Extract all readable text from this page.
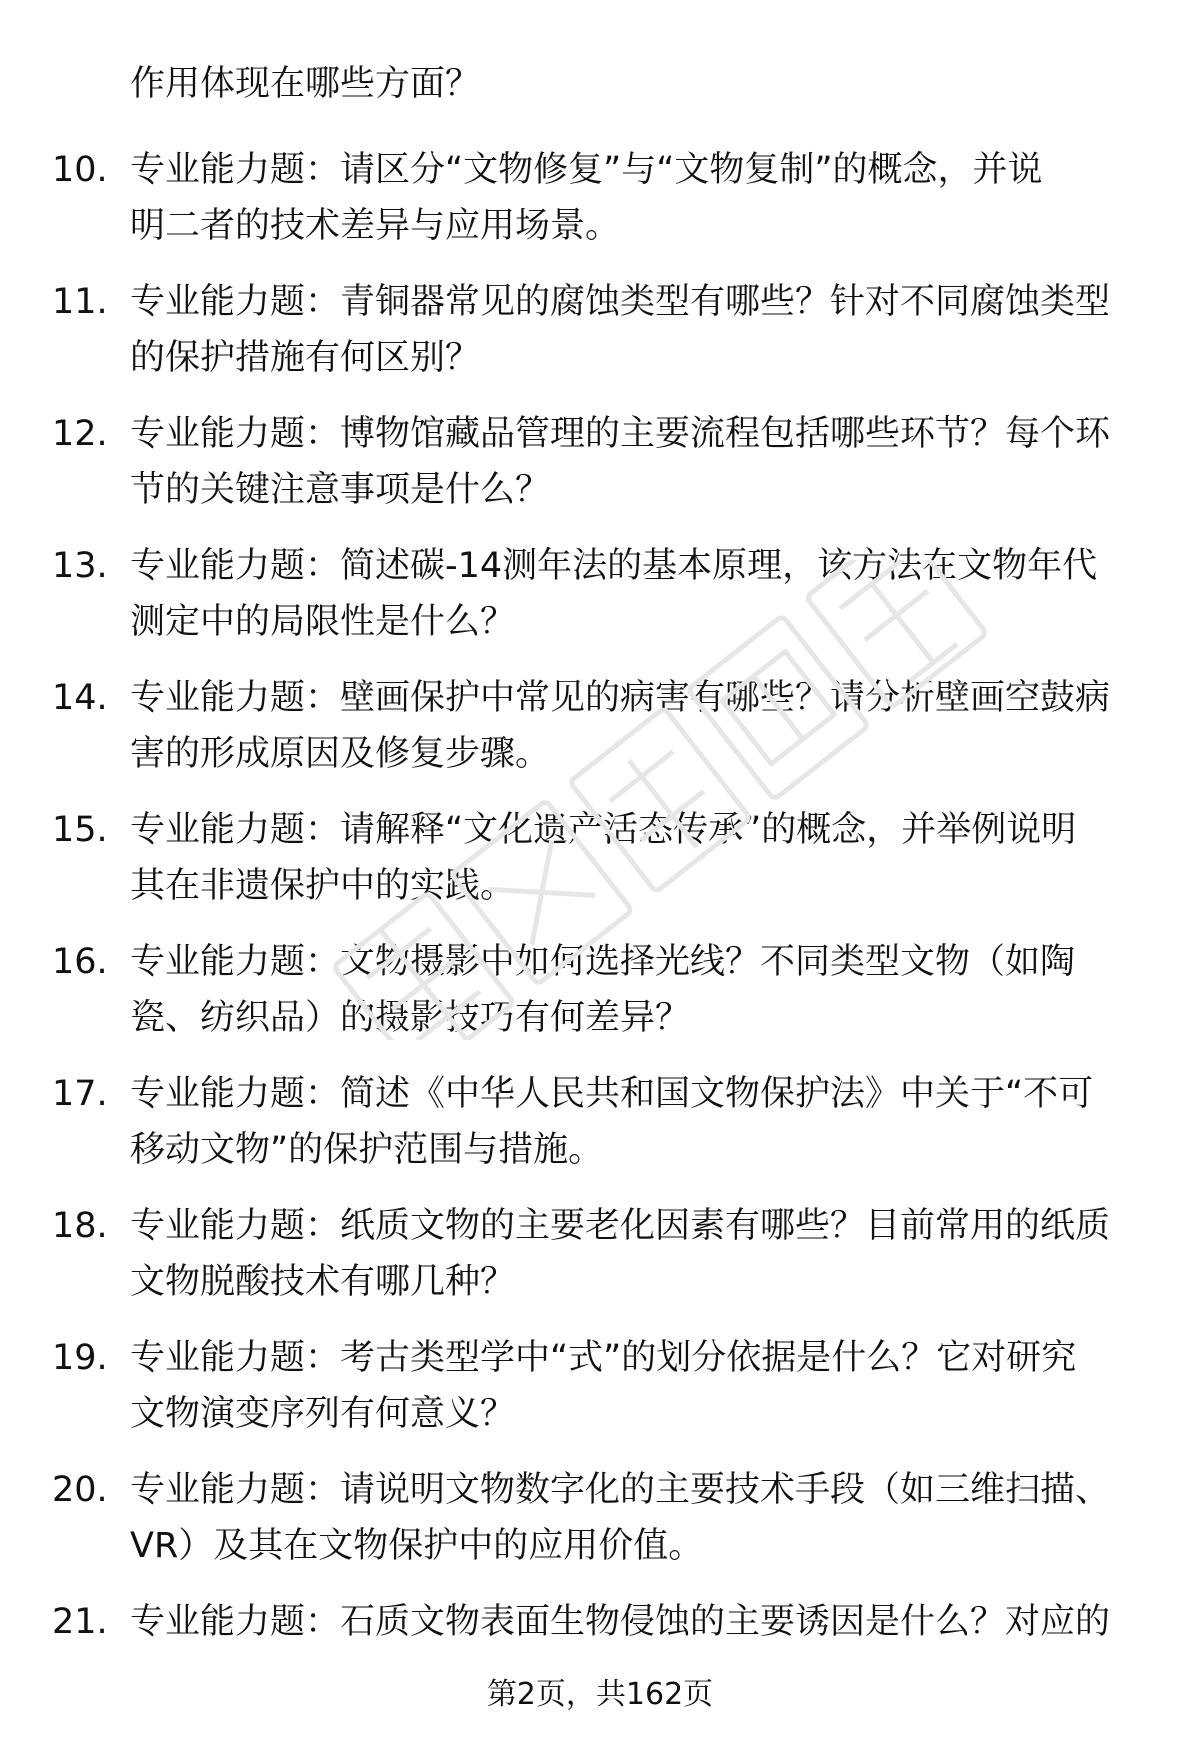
作用体现在哪些方面？

10. 专业能力题：请区分“文物修复”与“文物复制”的概念，并说
明二者的技术差异与应用场景。
11. 专业能力题：青铜器常见的腐蚀类型有哪些？针对不同腐蚀类型
的保护措施有何区别？
12. 专业能力题：博物馆藏品管理的主要流程包括哪些环节？每个环
节的关键注意事项是什么？
13. 专业能力题：简述碳-14测年法的基本原理，该方法在文物年代
测定中的局限性是什么？
14. 专业能力题：壁画保护中常见的病害有哪些？请分析壁画空鼓病
害的形成原因及修复步骤。
15. 专业能力题：请解释“文化遗产活态传承”的概念，并举例说明
其在非遗保护中的实践。
16. 专业能力题：文物摄影中如何选择光线？不同类型文物（如陶
瓷、纺织品）的摄影技巧有何差异？
17. 专业能力题：简述《中华人民共和国文物保护法》中关于“不可
移动文物”的保护范围与措施。
18. 专业能力题：纸质文物的主要老化因素有哪些？目前常用的纸质
文物脱酸技术有哪几种？
19. 专业能力题：考古类型学中“式”的划分依据是什么？它对研究
文物演变序列有何意义？
20. 专业能力题：请说明文物数字化的主要技术手段（如三维扫描、
VR）及其在文物保护中的应用价值。
21. 专业能力题：石质文物表面生物侵蚀的主要诱因是什么？对应的
第2页，共162页
